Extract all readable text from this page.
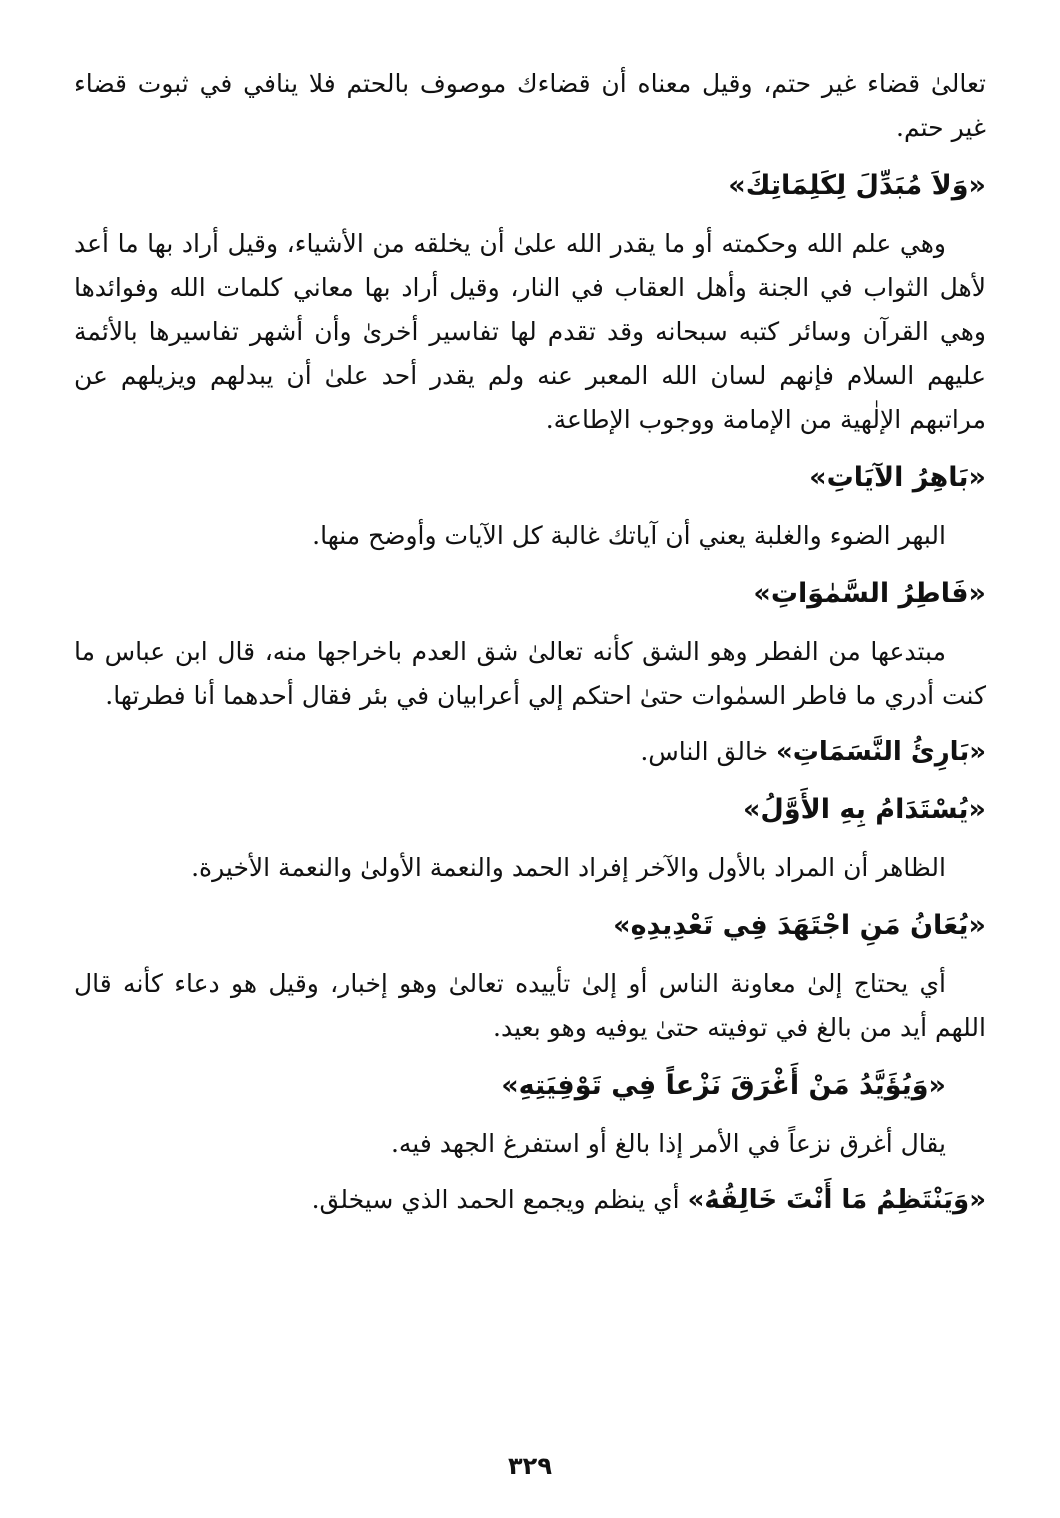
تعالىٰ قضاء غير حتم، وقيل معناه أن قضاءك موصوف بالحتم فلا ينافي في ثبوت قضاء غير حتم.

«وَلاَ مُبَدِّلَ لِكَلِمَاتِكَ»

وهي علم الله وحكمته أو ما يقدر الله علىٰ أن يخلقه من الأشياء، وقيل أراد بها ما أعد لأهل الثواب في الجنة وأهل العقاب في النار، وقيل أراد بها معاني كلمات الله وفوائدها وهي القرآن وسائر كتبه سبحانه وقد تقدم لها تفاسير أخرىٰ وأن أشهر تفاسيرها بالأئمة عليهم السلام فإنهم لسان الله المعبر عنه ولم يقدر أحد علىٰ أن يبدلهم ويزيلهم عن مراتبهم الإلٰهية من الإمامة ووجوب الإطاعة.

«بَاهِرُ الآيَاتِ»

البهر الضوء والغلبة يعني أن آياتك غالبة كل الآيات وأوضح منها.

«فَاطِرُ السَّمٰوَاتِ»

مبتدعها من الفطر وهو الشق كأنه تعالىٰ شق العدم باخراجها منه، قال ابن عباس ما كنت أدري ما فاطر السمٰوات حتىٰ احتكم إلي أعرابيان في بئر فقال أحدهما أنا فطرتها.

«بَارِئُ النَّسَمَاتِ» خالق الناس.

«يُسْتَدَامُ بِهِ الأَوَّلُ»

الظاهر أن المراد بالأول والآخر إفراد الحمد والنعمة الأولىٰ والنعمة الأخيرة.

«يُعَانُ مَنِ اجْتَهَدَ فِي تَعْدِيدِهِ»

أي يحتاج إلىٰ معاونة الناس أو إلىٰ تأييده تعالىٰ وهو إخبار، وقيل هو دعاء كأنه قال اللهم أيد من بالغ في توفيته حتىٰ يوفيه وهو بعيد.

«وَيُؤَيَّدُ مَنْ أَغْرَقَ نَزْعاً فِي تَوْفِيَتِهِ»

يقال أغرق نزعاً في الأمر إذا بالغ أو استفرغ الجهد فيه.

«وَيَنْتَظِمُ مَا أَنْتَ خَالِقُهُ» أي ينظم ويجمع الحمد الذي سيخلق.

٣٢٩
